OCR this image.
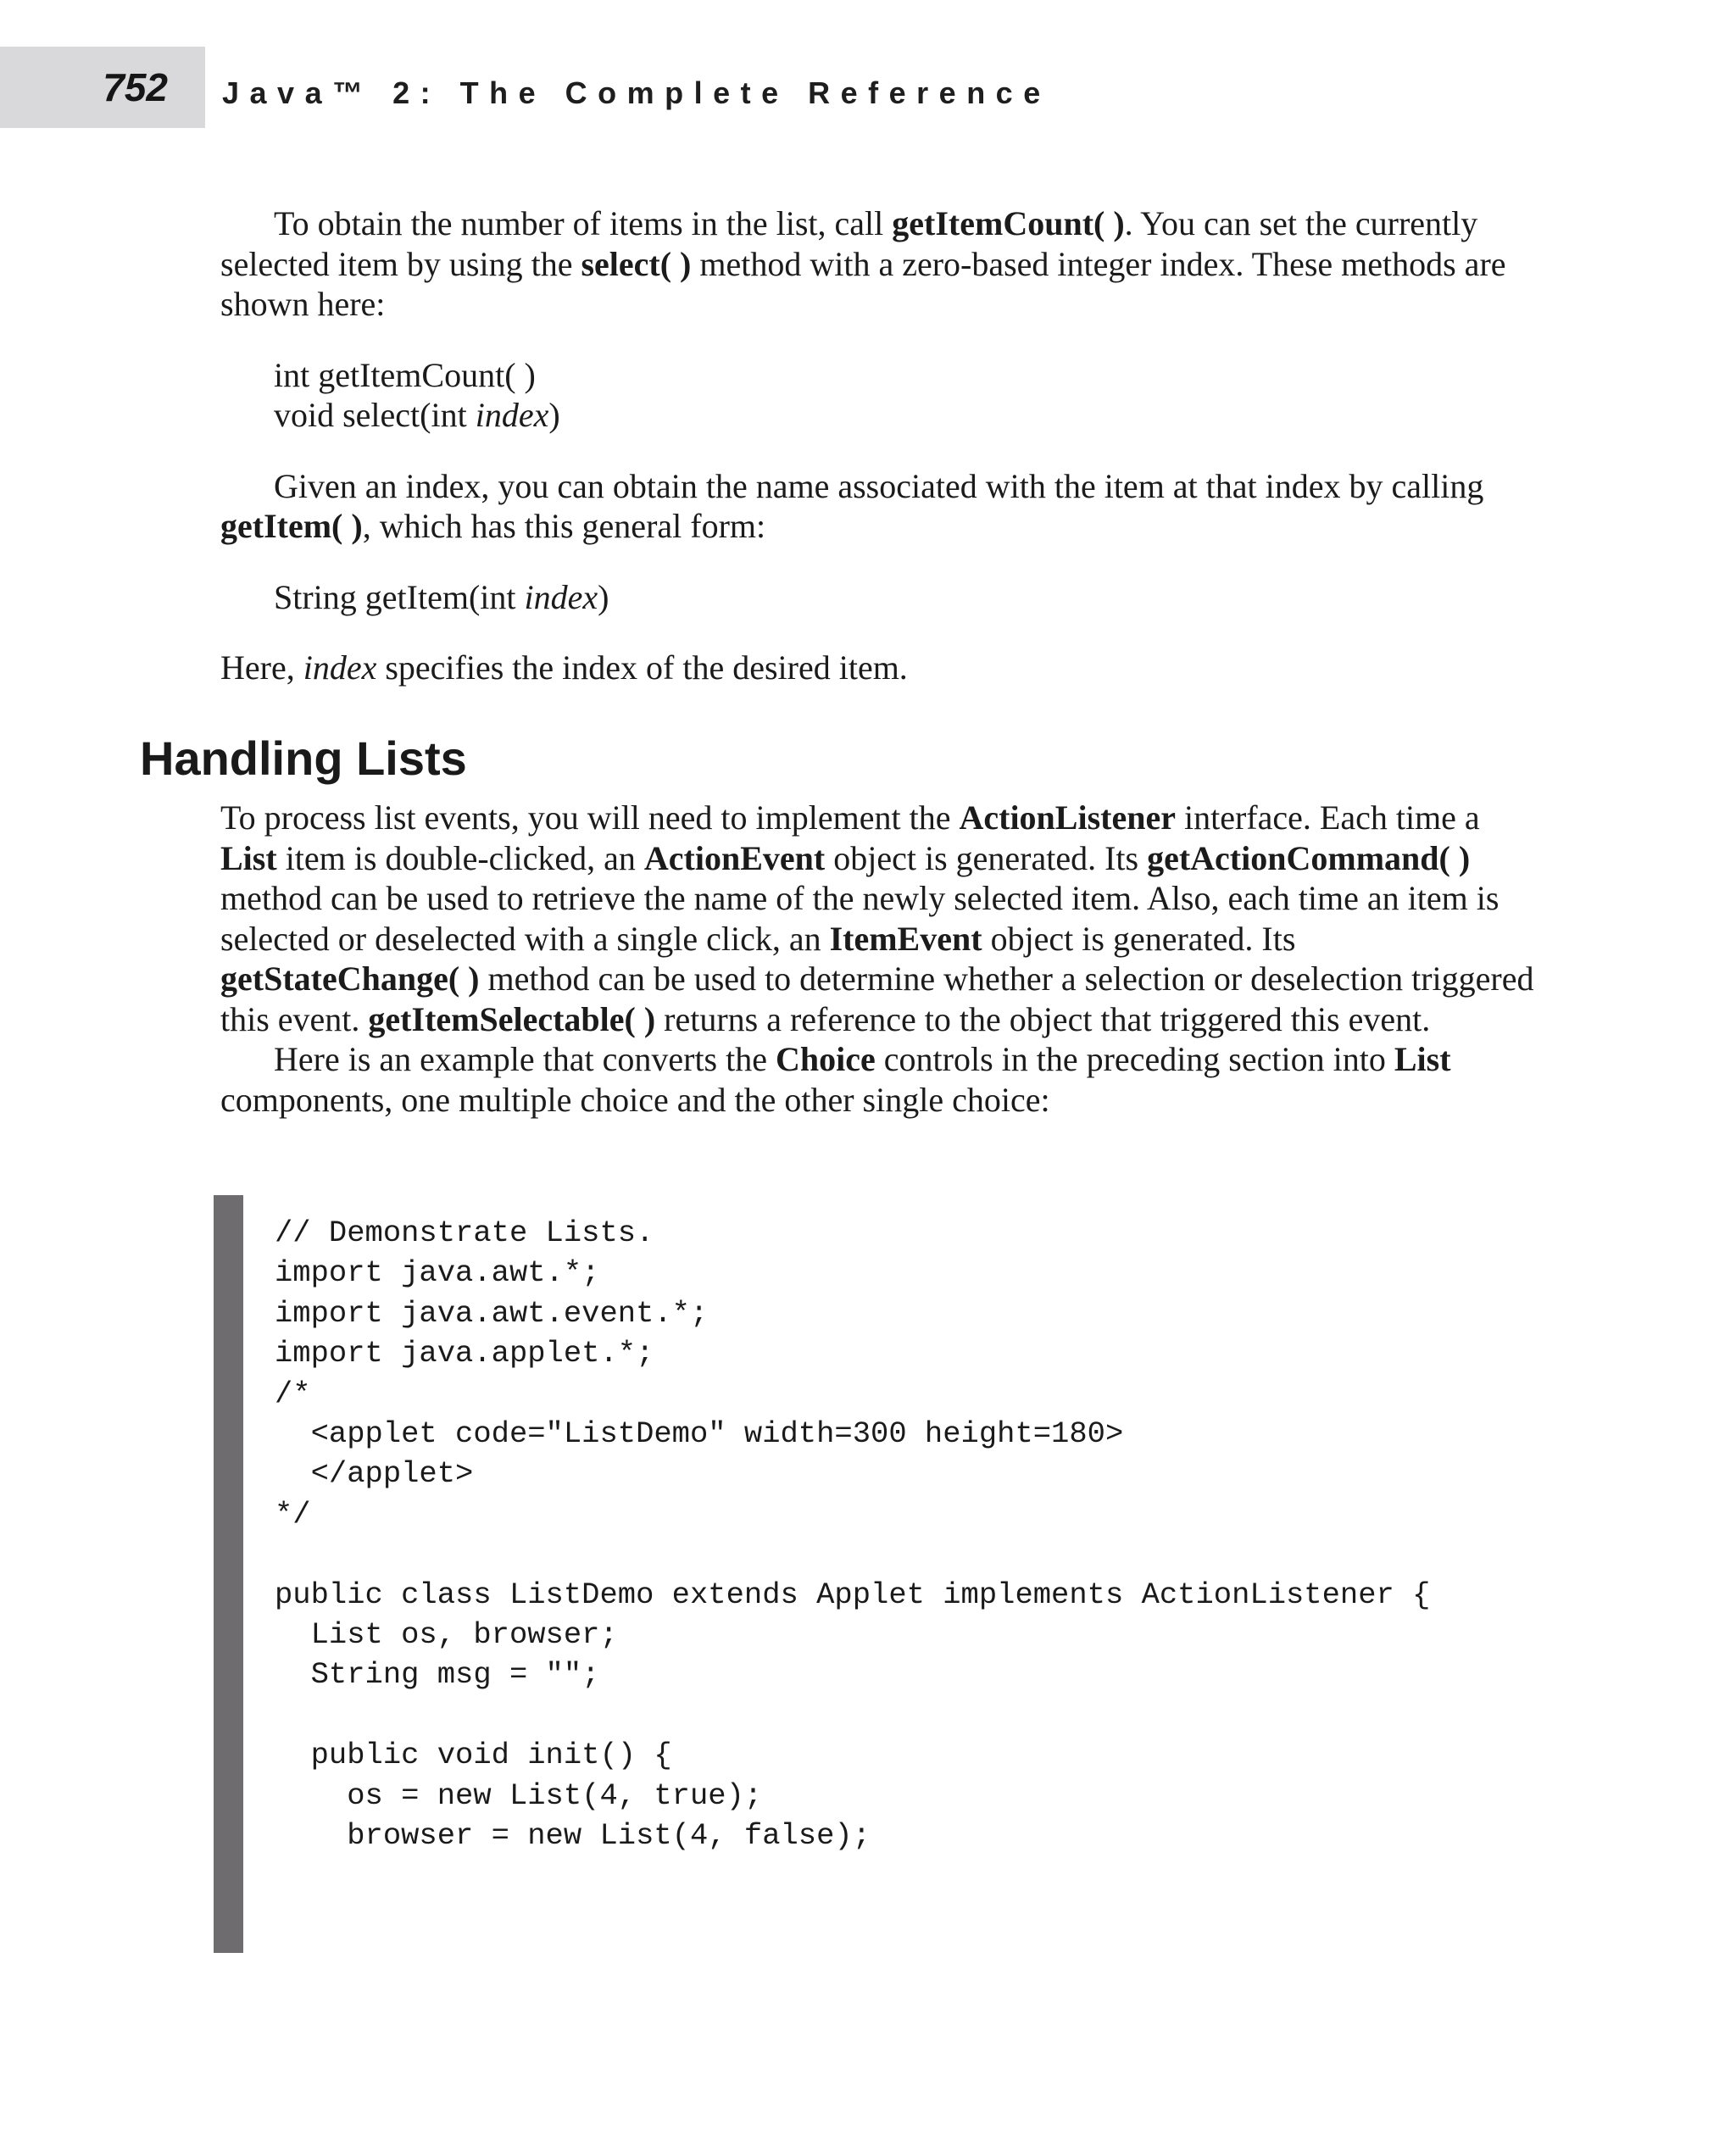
752 Java™ 2: The Complete Reference

To obtain the number of items in the list, call getItemCount( ). You can set the currently selected item by using the select( ) method with a zero-based integer index. These methods are shown here:

int getItemCount( )

void select(int index)

Given an index, you can obtain the name associated with the item at that index by calling getItem( ), which has this general form:

String getItem(int index)

Here, index specifies the index of the desired item.

Handling Lists

To process list events, you will need to implement the ActionListener interface. Each time a List item is double-clicked, an ActionEvent object is generated. Its getActionCommand( ) method can be used to retrieve the name of the newly selected item. Also, each time an item is selected or deselected with a single click, an ItemEvent object is generated. Its getStateChange( ) method can be used to determine whether a selection or deselection triggered this event. getItemSelectable( ) returns a reference to the object that triggered this event.

Here is an example that converts the Choice controls in the preceding section into List components, one multiple choice and the other single choice:

// Demonstrate Lists.
import java.awt.*;
import java.awt.event.*;
import java.applet.*;
/*
<applet code="ListDemo" width=300 height=180>
</applet>
*/

public class ListDemo extends Applet implements ActionListener {
List os, browser;
String msg = "";

public void init() {
os = new List(4, true);
browser = new List(4, false);
